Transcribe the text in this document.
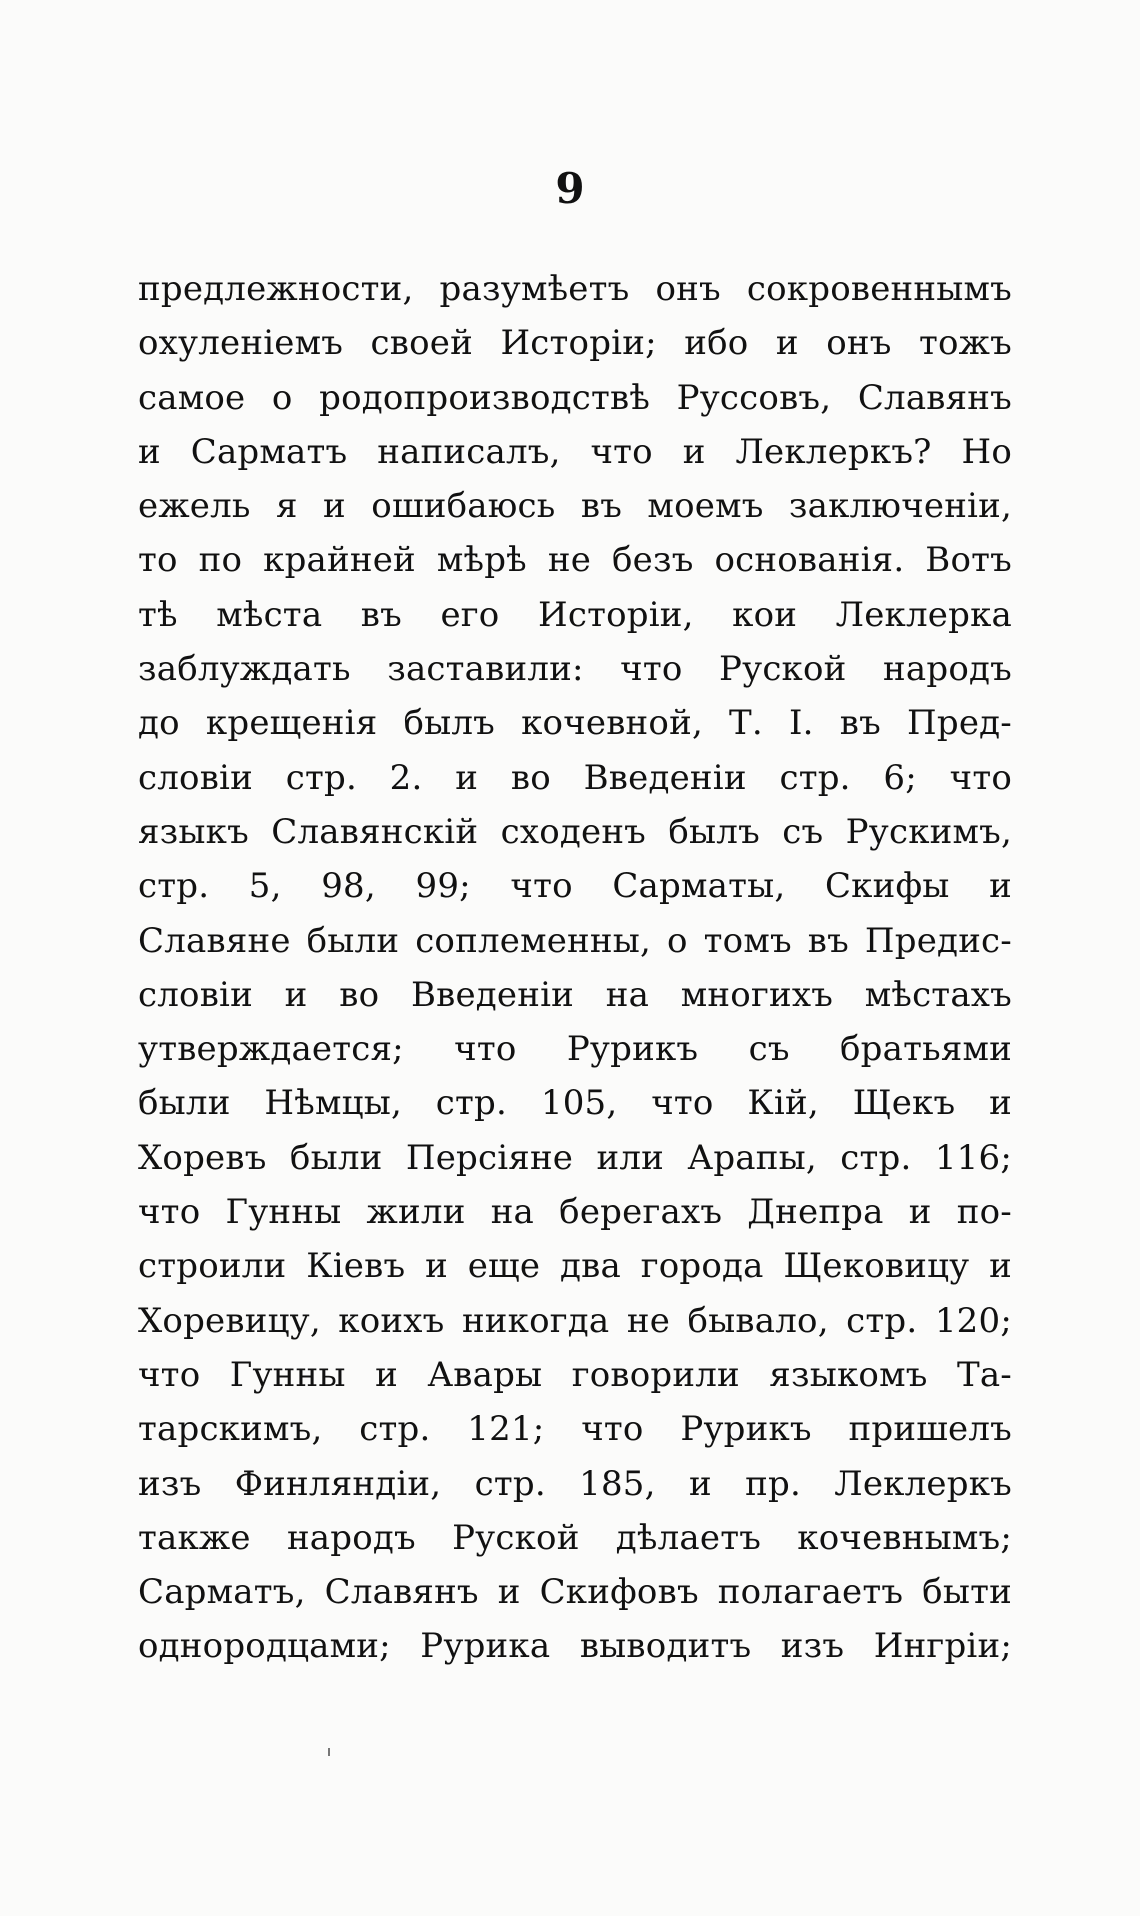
9
предлежности, разумѣетъ онъ сокровеннымъ
охуленіемъ своей Исторіи; ибо и онъ тожъ
самое о родопроизводствѣ Руссовъ, Славянъ
и Сарматъ написалъ, что и Леклеркъ? Но
ежель я и ошибаюсь въ моемъ заключеніи,
то по крайней мѣрѣ не безъ основанія. Вотъ
тѣ мѣста въ его Исторіи, кои Леклерка
заблуждать заставили: что Руской народъ
до крещенія былъ кочевной, Т. I. въ Пред-
словіи стр. 2. и во Введеніи стр. 6; что
языкъ Славянскій сходенъ былъ съ Рускимъ,
стр. 5, 98, 99; что Сарматы, Скифы и
Славяне были соплеменны, о томъ въ Предис-
словіи и во Введеніи на многихъ мѣстахъ
утверждается; что Рурикъ съ братьями
были Нѣмцы, стр. 105, что Кій, Щекъ и
Хоревъ были Персіяне или Арапы, стр. 116;
что Гунны жили на берегахъ Днепра и по-
строили Кіевъ и еще два города Щековицу и
Хоревицу, коихъ никогда не бывало, стр. 120;
что Гунны и Авары говорили языкомъ Та-
тарскимъ, стр. 121; что Рурикъ пришелъ
изъ Финляндіи, стр. 185, и пр. Леклеркъ
также народъ Руской дѣлаетъ кочевнымъ;
Сарматъ, Славянъ и Скифовъ полагаетъ быти
однородцами; Рурика выводитъ изъ Ингріи;
